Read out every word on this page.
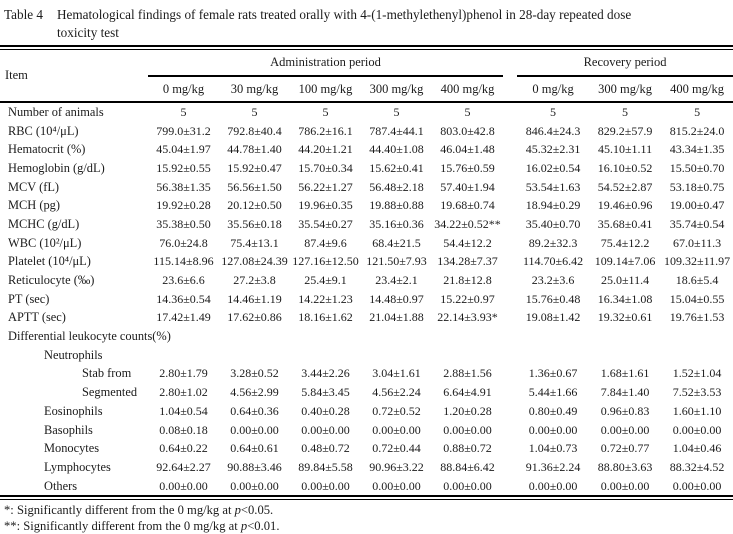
Table 4	Hematological findings of female rats treated orally with 4-(1-methylethenyl)phenol in 28-day repeated dose
toxicity test
Item	Administration period						Recovery period		
	0 mg/kg	30 mg/kg	100 mg/kg	300 mg/kg	400 mg/kg		0 mg/kg	300 mg/kg	400 mg/kg
Number of animals	5	5	5	5	5		5	5	5
RBC (10⁴/μL)	799.0±31.2	792.8±40.4	786.2±16.1	787.4±44.1	803.0±42.8		846.4±24.3	829.2±57.9	815.2±24.0
Hematocrit (%)	45.04±1.97	44.78±1.40	44.20±1.21	44.40±1.08	46.04±1.48		45.32±2.31	45.10±1.11	43.34±1.35
Hemoglobin (g/dL)	15.92±0.55	15.92±0.47	15.70±0.34	15.62±0.41	15.76±0.59		16.02±0.54	16.10±0.52	15.50±0.70
MCV (fL)	56.38±1.35	56.56±1.50	56.22±1.27	56.48±2.18	57.40±1.94		53.54±1.63	54.52±2.87	53.18±0.75
MCH (pg)	19.92±0.28	20.12±0.50	19.96±0.35	19.88±0.88	19.68±0.74		18.94±0.29	19.46±0.96	19.00±0.47
MCHC (g/dL)	35.38±0.50	35.56±0.18	35.54±0.27	35.16±0.36	34.22±0.52**		35.40±0.70	35.68±0.41	35.74±0.54
WBC (10²/μL)	76.0±24.8	75.4±13.1	87.4±9.6	68.4±21.5	54.4±12.2		89.2±32.3	75.4±12.2	67.0±11.3
Platelet (10⁴/μL)	115.14±8.96	127.08±24.39	127.16±12.50	121.50±7.93	134.28±7.37		114.70±6.42	109.14±7.06	109.32±11.97
Reticulocyte (‰)	23.6±6.6	27.2±3.8	25.4±9.1	23.4±2.1	21.8±12.8		23.2±3.6	25.0±11.4	18.6±5.4
PT (sec)	14.36±0.54	14.46±1.19	14.22±1.23	14.48±0.97	15.22±0.97		15.76±0.48	16.34±1.08	15.04±0.55
APTT (sec)	17.42±1.49	17.62±0.86	18.16±1.62	21.04±1.88	22.14±3.93*		19.08±1.42	19.32±0.61	19.76±1.53
Differential leukocyte counts(%)									
Neutrophils									
Stab from	2.80±1.79	3.28±0.52	3.44±2.26	3.04±1.61	2.88±1.56		1.36±0.67	1.68±1.61	1.52±1.04
Segmented	2.80±1.02	4.56±2.99	5.84±3.45	4.56±2.24	6.64±4.91		5.44±1.66	7.84±1.40	7.52±3.53
Eosinophils	1.04±0.54	0.64±0.36	0.40±0.28	0.72±0.52	1.20±0.28		0.80±0.49	0.96±0.83	1.60±1.10
Basophils	0.08±0.18	0.00±0.00	0.00±0.00	0.00±0.00	0.00±0.00		0.00±0.00	0.00±0.00	0.00±0.00
Monocytes	0.64±0.22	0.64±0.61	0.48±0.72	0.72±0.44	0.88±0.72		1.04±0.73	0.72±0.77	1.04±0.46
Lymphocytes	92.64±2.27	90.88±3.46	89.84±5.58	90.96±3.22	88.84±6.42		91.36±2.24	88.80±3.63	88.32±4.52
Others	0.00±0.00	0.00±0.00	0.00±0.00	0.00±0.00	0.00±0.00		0.00±0.00	0.00±0.00	0.00±0.00
*: Significantly different from the 0 mg/kg at p<0.05.
**: Significantly different from the 0 mg/kg at p<0.01.
